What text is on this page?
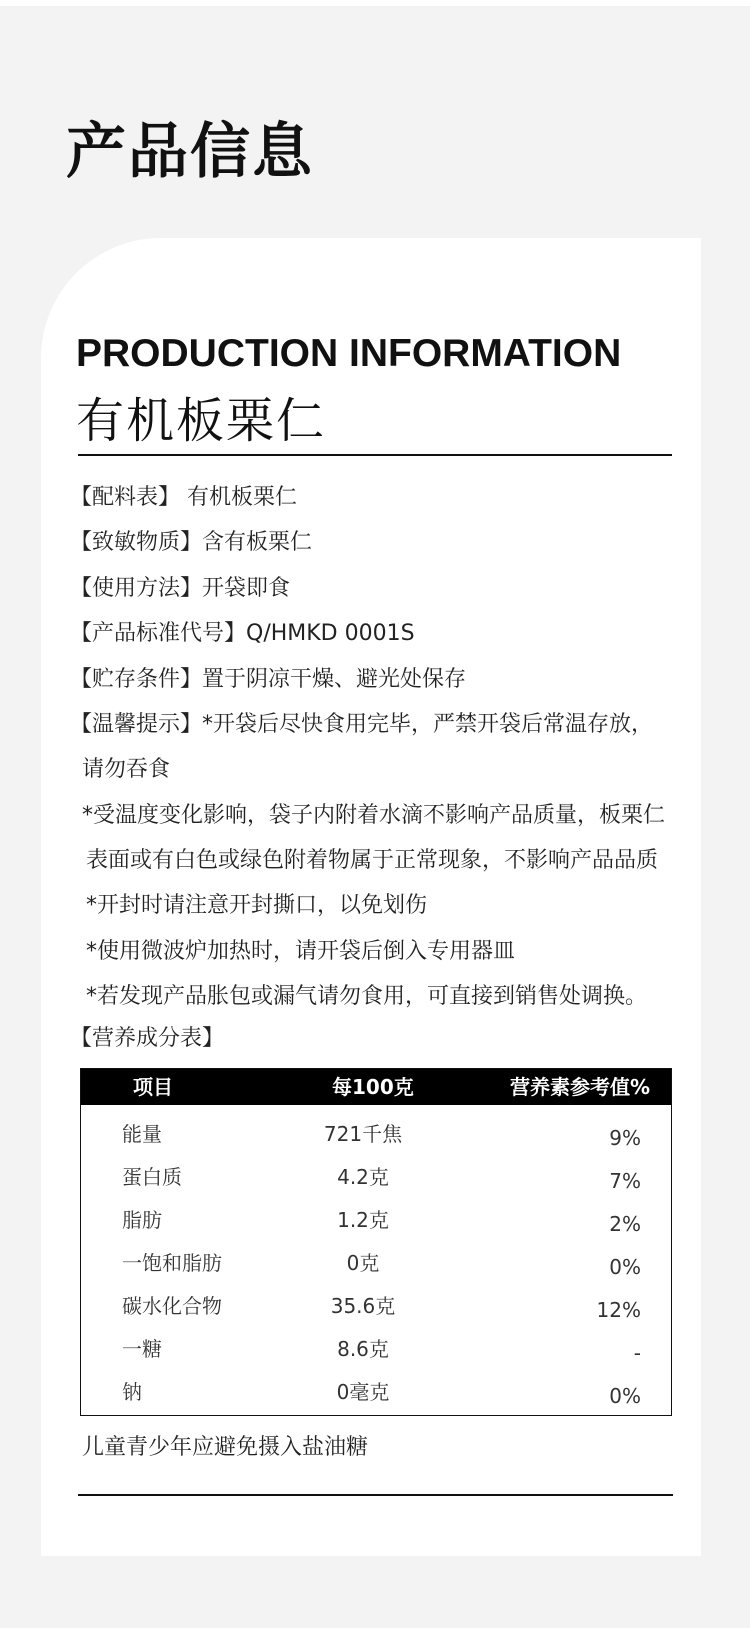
产品信息
PRODUCTION INFORMATION
有机板栗仁
【配料表】 有机板栗仁
【致敏物质】含有板栗仁
【使用方法】开袋即食
【产品标准代号】Q/HMKD 0001S
【贮存条件】置于阴凉干燥、避光处保存
【温馨提示】*开袋后尽快食用完毕，严禁开袋后常温存放，
请勿吞食
*受温度变化影响，袋子内附着水滴不影响产品质量，板栗仁
表面或有白色或绿色附着物属于正常现象，不影响产品品质
*开封时请注意开封撕口，以免划伤
*使用微波炉加热时，请开袋后倒入专用器皿
*若发现产品胀包或漏气请勿食用，可直接到销售处调换。
【营养成分表】
项目	每100克	营养素参考值%
能量	721千焦	9%
蛋白质	4.2克	7%
脂肪	1.2克	2%
一饱和脂肪	0克	0%
碳水化合物	35.6克	12%
一糖	8.6克	-
钠	0毫克	0%
儿童青少年应避免摄入盐油糖
